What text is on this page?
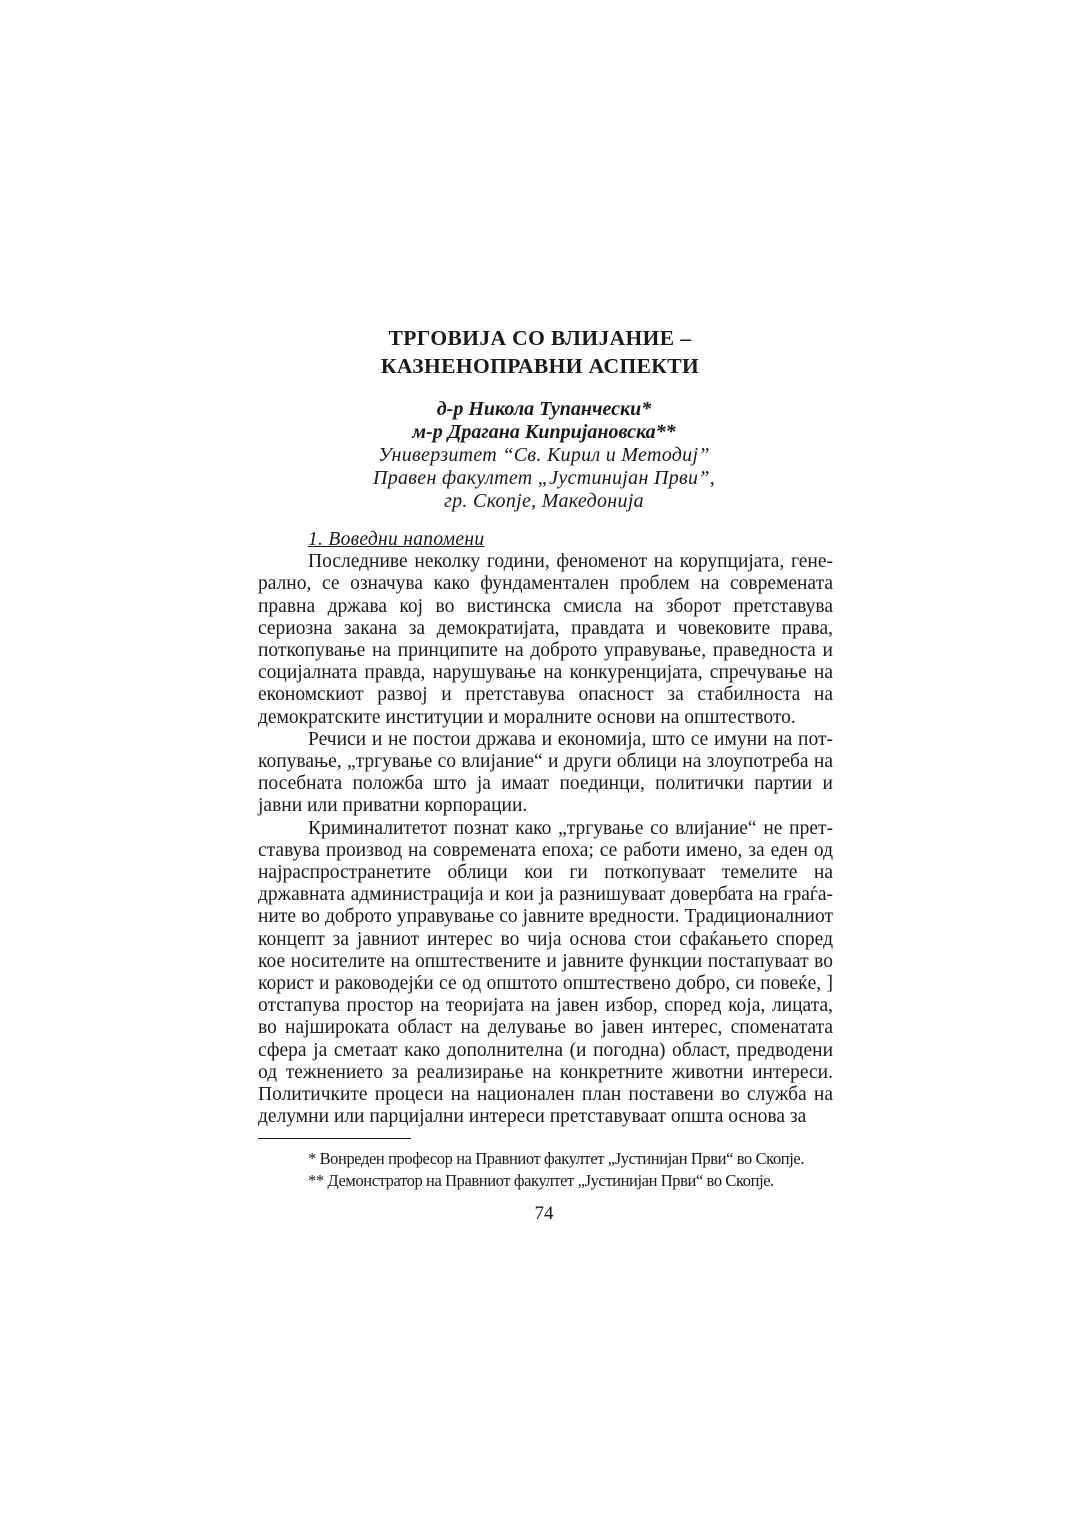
ТРГОВИЈА СО ВЛИЈАНИЕ –
КАЗНЕНОПРАВНИ АСПЕКТИ
д-р Никола Тупанчески*
м-р Драгана Кипријановска**
Универзитет “Св. Кирил и Методиј”
Правен факултет „Јустинијан Први”,
гр. Скопје, Македонија
1. Воведни напомени

Последниве неколку години, феноменот на корупцијата, генерално, се означува како фундаментален проблем на современата правна држава кој во вистинска смисла на зборот претставува сериозна закана за демократијата, правдата и човековите права, поткопување на принципите на доброто управување, праведноста и социјалната правда, нарушување на конкуренцијата, спречување на економскиот развој и претставува опасност за стабилноста на демократските институции и моралните основи на општеството.

Речиси и не постои држава и економија, што се имуни на поткопување, „тргување со влијание“ и други облици на злоупотреба на посебната положба што ја имаат поединци, политички партии и јавни или приватни корпорации.

Криминалитетот познат како „тргување со влијание“ не претставува производ на современата епоха; се работи имено, за еден од најраспространетите облици кои ги поткопуваат темелите на државната администрација и кои ја разнишуваат довербата на граѓаните во доброто управување со јавните вредности. Традиционалниот концепт за јавниот интерес во чија основа стои сфаќањето според кое носителите на општествените и јавните функции постапуваат во корист и раководејќи се од општото општествено добро, си повеќе, ] отстапува простор на теоријата на јавен избор, според која, лицата, во најшироката област на делување во јавен интерес, споменатата сфера ја сметаат како дополнителна (и погодна) област, предводени од тежнението за реализирање на конкретните животни интереси. Политичките процеси на национален план поставени во служба на делумни или парцијални интереси претставуваат општа основа за

* Вонреден професор на Правниот факултет „Јустинијан Први“ во Скопје.

** Демонстратор на Правниот факултет „Јустинијан Први“ во Скопје.

74
